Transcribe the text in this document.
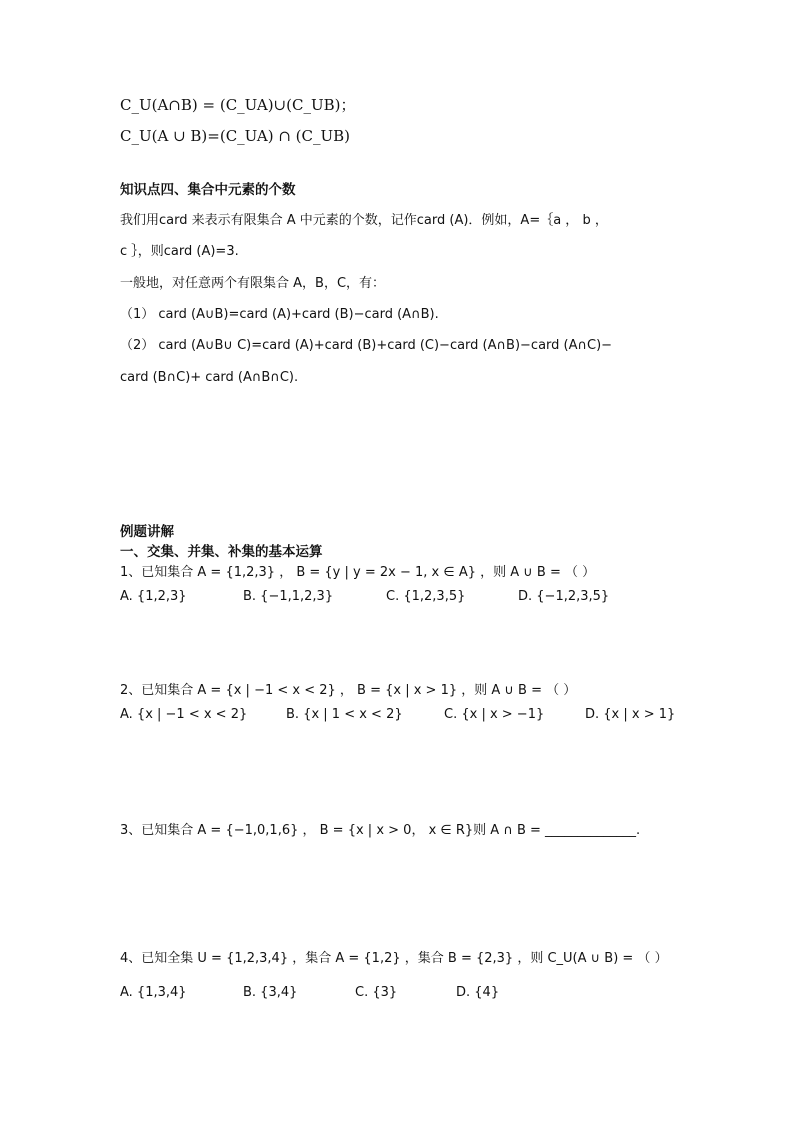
C_U(A∩B) = (C_UA)∪(C_UB)；
C_U(A ∪ B)=(C_UA) ∩ (C_UB)
知识点四、集合中元素的个数
我们用card 来表示有限集合 A 中元素的个数，记作card (A)．例如，A=｛a ， b ，
c ｝，则card (A)=3.
一般地，对任意两个有限集合 A，B，C，有：
（1） card (A∪B)=card (A)+card (B)−card (A∩B).
（2） card (A∪B∪ C)=card (A)+card (B)+card (C)−card (A∩B)−card (A∩C)−
card (B∩C)+ card (A∩B∩C).
例题讲解
一、交集、并集、补集的基本运算
1、已知集合 A = {1,2,3} ， B = {y | y = 2x − 1, x ∈ A} ，则 A ∪ B = （ ）
A. {1,2,3}	B. {−1,1,2,3}	C. {1,2,3,5}	D. {−1,2,3,5}
2、已知集合 A = {x | −1 < x < 2} ， B = {x | x > 1} ，则 A ∪ B = （ ）
A. {x | −1 < x < 2}	B. {x | 1 < x < 2}	C. {x | x > −1}	D. {x | x > 1}
3、已知集合 A = {−1,0,1,6} ， B = {x | x > 0， x ∈ R}则 A ∩ B = ______________.
4、已知全集 U = {1,2,3,4} ，集合 A = {1,2} ，集合 B = {2,3} ，则 C_U(A ∪ B) = （ ）
A. {1,3,4}	B. {3,4}	C. {3}	D. {4}
